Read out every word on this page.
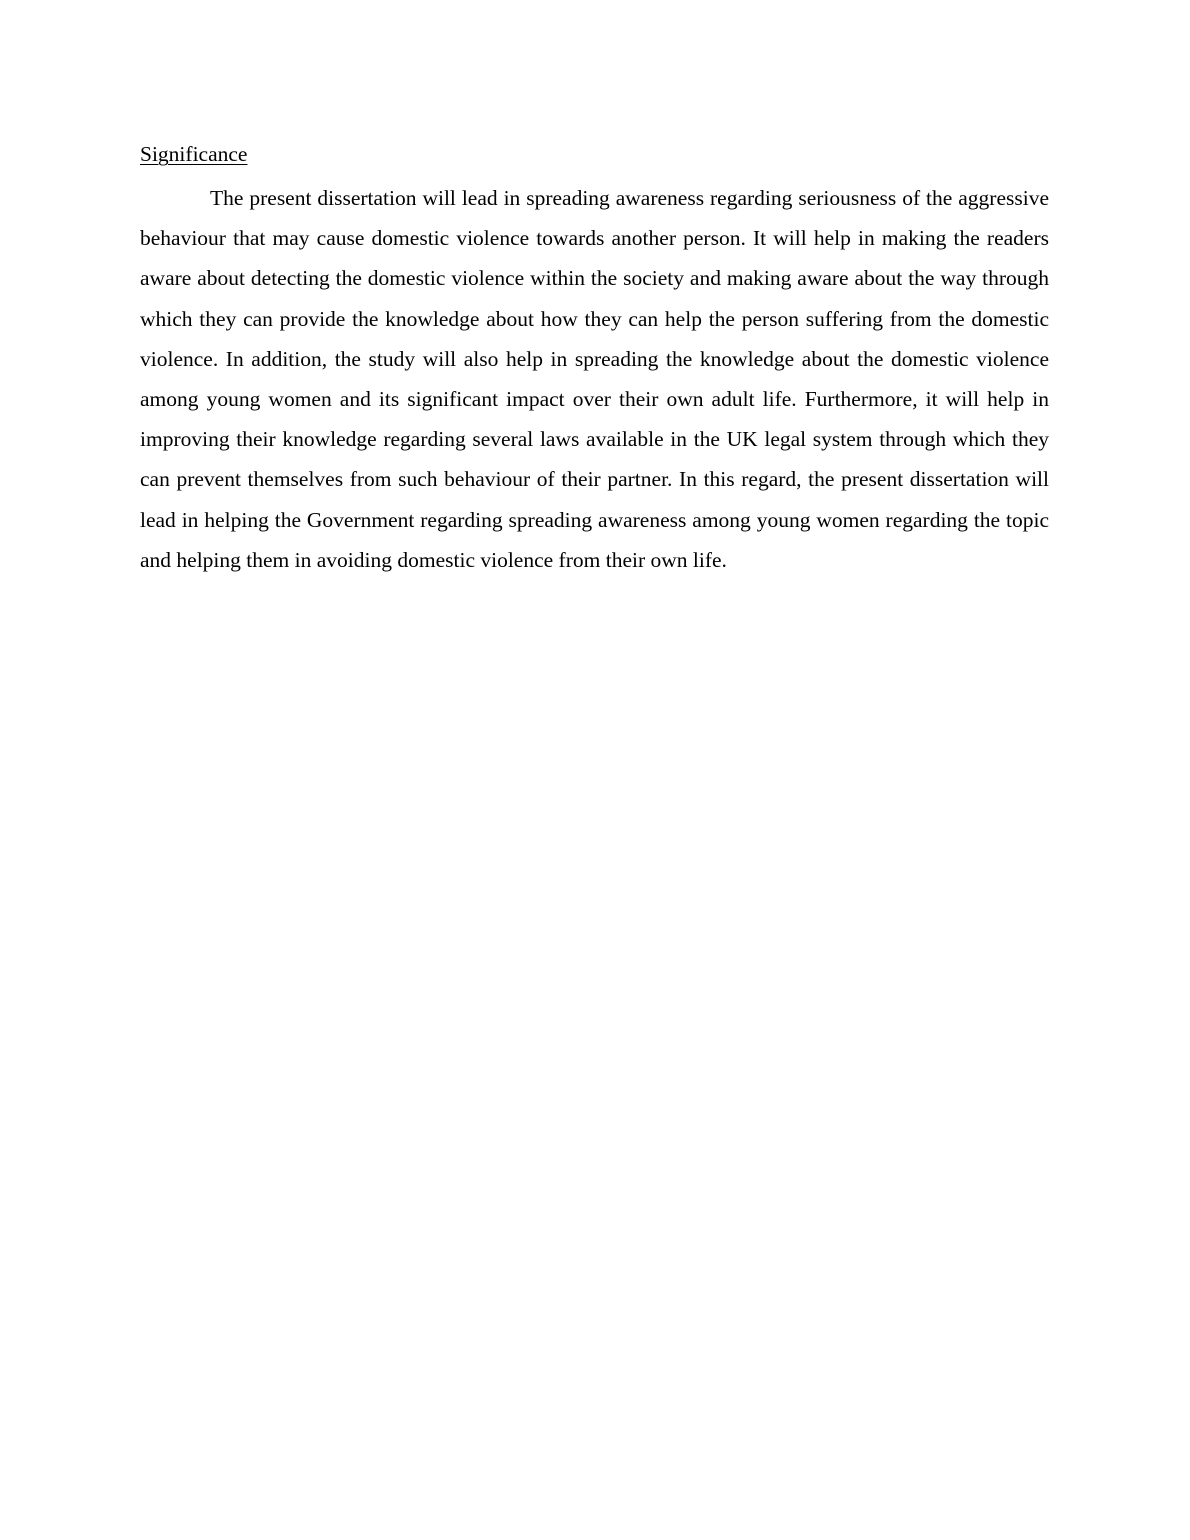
Significance

The present dissertation will lead in spreading awareness regarding seriousness of the aggressive behaviour that may cause domestic violence towards another person. It will help in making the readers aware about detecting the domestic violence within the society and making aware about the way through which they can provide the knowledge about how they can help the person suffering from the domestic violence. In addition, the study will also help in spreading the knowledge about the domestic violence among young women and its significant impact over their own adult life. Furthermore, it will help in improving their knowledge regarding several laws available in the UK legal system through which they can prevent themselves from such behaviour of their partner. In this regard, the present dissertation will lead in helping the Government regarding spreading awareness among young women regarding the topic and helping them in avoiding domestic violence from their own life.
